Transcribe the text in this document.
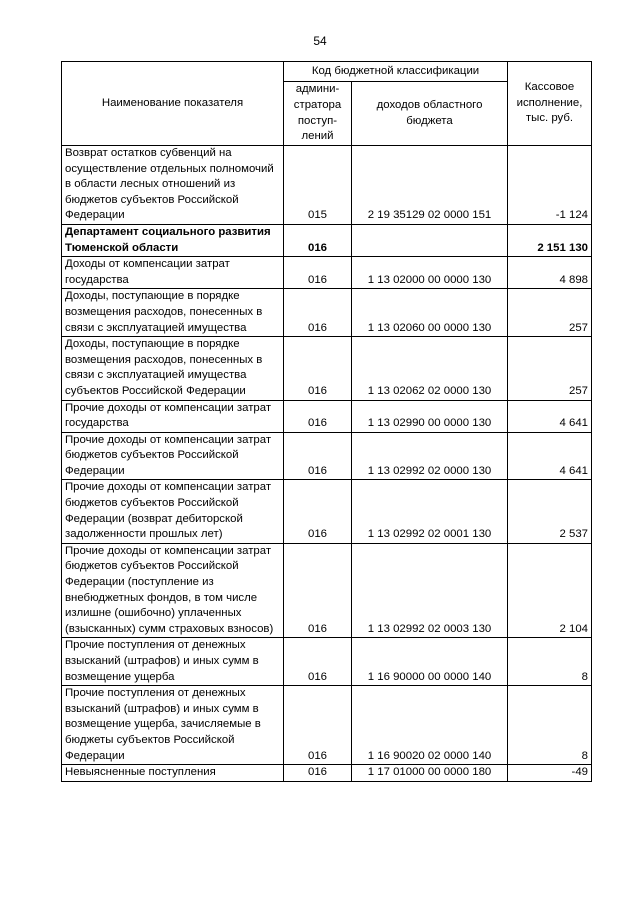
54
Наименование показателя	Код бюджетной классификации		Кассовое исполнение, тыс. руб.
	админи-стратора поступ-лений	доходов областного бюджета	
Возврат остатков субвенций на осуществление отдельных полномочий в области лесных отношений из бюджетов субъектов Российской Федерации	015	2 19 35129 02 0000 151	-1 124
Департамент социального развития Тюменской области	016		2 151 130
Доходы от компенсации затрат государства	016	1 13 02000 00 0000 130	4 898
Доходы, поступающие в порядке возмещения расходов, понесенных в связи с эксплуатацией имущества	016	1 13 02060 00 0000 130	257
Доходы, поступающие в порядке возмещения расходов, понесенных в связи с эксплуатацией имущества субъектов Российской Федерации	016	1 13 02062 02 0000 130	257
Прочие доходы от компенсации затрат государства	016	1 13 02990 00 0000 130	4 641
Прочие доходы от компенсации затрат бюджетов субъектов Российской Федерации	016	1 13 02992 02 0000 130	4 641
Прочие доходы от компенсации затрат бюджетов субъектов Российской Федерации (возврат дебиторской задолженности прошлых лет)	016	1 13 02992 02 0001 130	2 537
Прочие доходы от компенсации затрат бюджетов субъектов Российской Федерации (поступление из внебюджетных фондов, в том числе излишне (ошибочно) уплаченных (взысканных) сумм страховых взносов)	016	1 13 02992 02 0003 130	2 104
Прочие поступления от денежных взысканий (штрафов) и иных сумм в возмещение ущерба	016	1 16 90000 00 0000 140	8
Прочие поступления от денежных взысканий (штрафов) и иных сумм в возмещение ущерба, зачисляемые в бюджеты субъектов Российской Федерации	016	1 16 90020 02 0000 140	8
Невыясненные поступления	016	1 17 01000 00 0000 180	-49
